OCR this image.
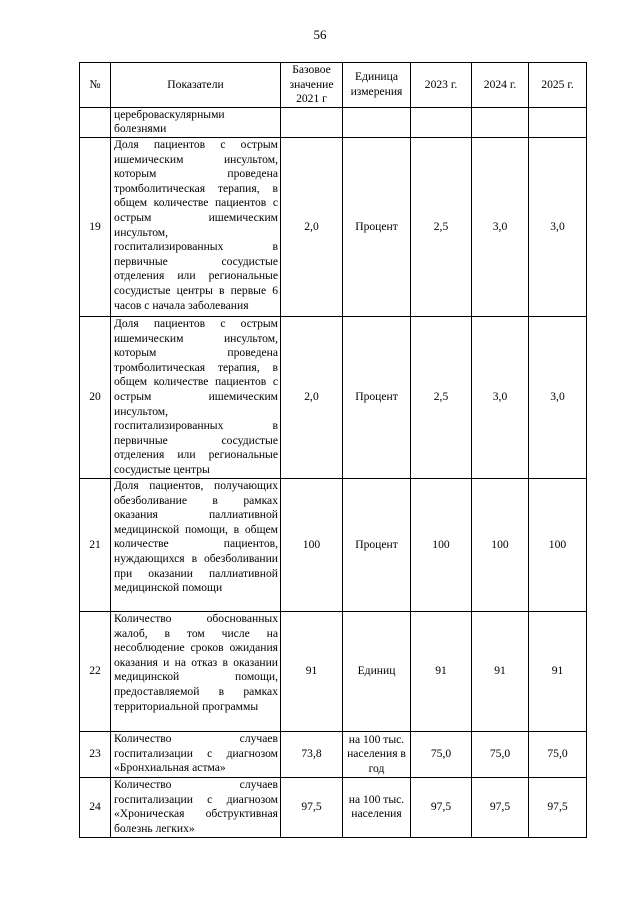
56
№	Показатели	Базовое значение 2021 г	Единица измерения	2023 г.	2024 г.	2025 г.
	цереброваскулярными болезнями					
19	Доля пациентов с острым ишемическим инсультом, которым проведена тромболитическая терапия, в общем количестве пациентов с острым ишемическим инсультом, госпитализированных в первичные сосудистые отделения или региональные сосудистые центры в первые 6 часов с начала заболевания	2,0	Процент	2,5	3,0	3,0
20	Доля пациентов с острым ишемическим инсультом, которым проведена тромболитическая терапия, в общем количестве пациентов с острым ишемическим инсультом, госпитализированных в первичные сосудистые отделения или региональные сосудистые центры	2,0	Процент	2,5	3,0	3,0
21	Доля пациентов, получающих обезболивание в рамках оказания паллиативной медицинской помощи, в общем количестве пациентов, нуждающихся в обезболивании при оказании паллиативной медицинской помощи	100	Процент	100	100	100
22	Количество обоснованных жалоб, в том числе на несоблюдение сроков ожидания оказания и на отказ в оказании медицинской помощи, предоставляемой в рамках территориальной программы	91	Единиц	91	91	91
23	Количество случаев госпитализации с диагнозом «Бронхиальная астма»	73,8	на 100 тыс. населения в год	75,0	75,0	75,0
24	Количество случаев госпитализации с диагнозом «Хроническая обструктивная болезнь легких»	97,5	на 100 тыс. населения	97,5	97,5	97,5
